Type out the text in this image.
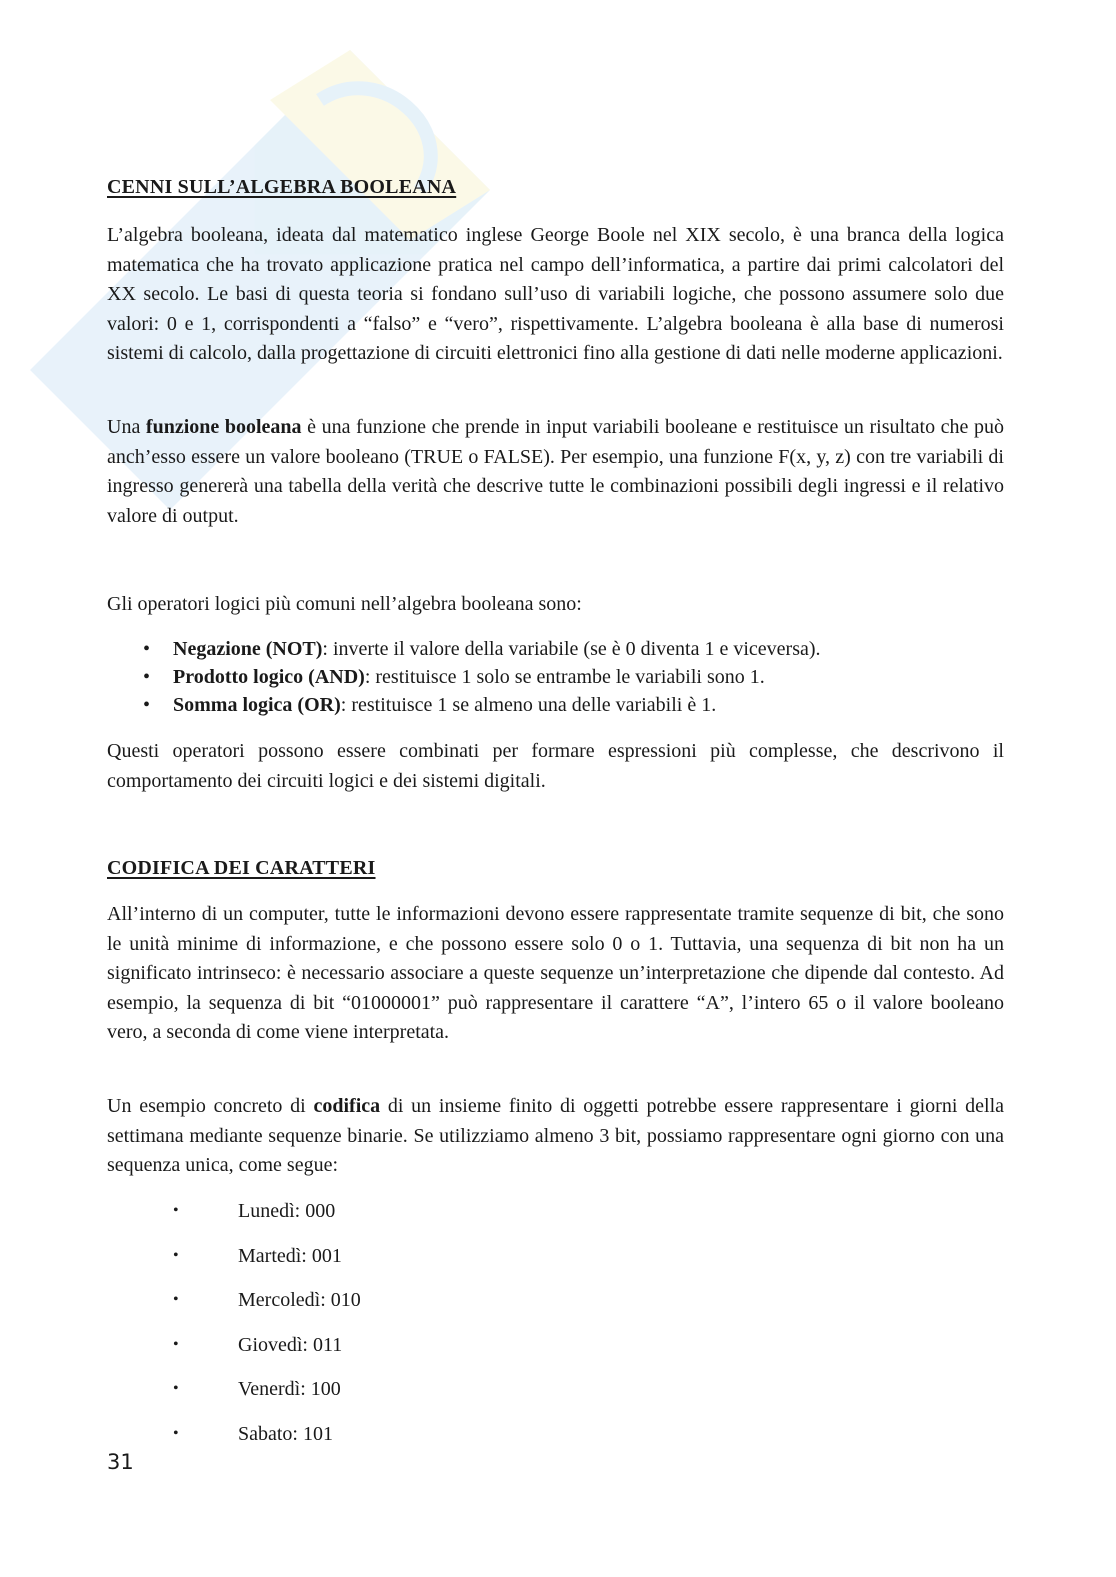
CENNI SULL’ALGEBRA BOOLEANA

L’algebra booleana, ideata dal matematico inglese George Boole nel XIX secolo, è una branca della logica matematica che ha trovato applicazione pratica nel campo dell’informatica, a partire dai primi calcolatori del XX secolo. Le basi di questa teoria si fondano sull’uso di variabili logiche, che possono assumere solo due valori: 0 e 1, corrispondenti a “falso” e “vero”, rispettivamente. L’algebra booleana è alla base di numerosi sistemi di calcolo, dalla progettazione di circuiti elettronici fino alla gestione di dati nelle moderne applicazioni.

Una funzione booleana è una funzione che prende in input variabili booleane e restituisce un risultato che può anch’esso essere un valore booleano (TRUE o FALSE). Per esempio, una funzione F(x, y, z) con tre variabili di ingresso genererà una tabella della verità che descrive tutte le combinazioni possibili degli ingressi e il relativo valore di output.

Gli operatori logici più comuni nell’algebra booleana sono:

• Negazione (NOT): inverte il valore della variabile (se è 0 diventa 1 e viceversa).
• Prodotto logico (AND): restituisce 1 solo se entrambe le variabili sono 1.
• Somma logica (OR): restituisce 1 se almeno una delle variabili è 1.

Questi operatori possono essere combinati per formare espressioni più complesse, che descrivono il comportamento dei circuiti logici e dei sistemi digitali.

CODIFICA DEI CARATTERI

All’interno di un computer, tutte le informazioni devono essere rappresentate tramite sequenze di bit, che sono le unità minime di informazione, e che possono essere solo 0 o 1. Tuttavia, una sequenza di bit non ha un significato intrinseco: è necessario associare a queste sequenze un’interpretazione che dipende dal contesto. Ad esempio, la sequenza di bit “01000001” può rappresentare il carattere “A”, l’intero 65 o il valore booleano vero, a seconda di come viene interpretata.

Un esempio concreto di codifica di un insieme finito di oggetti potrebbe essere rappresentare i giorni della settimana mediante sequenze binarie. Se utilizziamo almeno 3 bit, possiamo rappresentare ogni giorno con una sequenza unica, come segue:

•	Lunedì: 000
•	Martedì: 001
•	Mercoledì: 010
•	Giovedì: 011
•	Venerdì: 100
•	Sabato: 101
31
